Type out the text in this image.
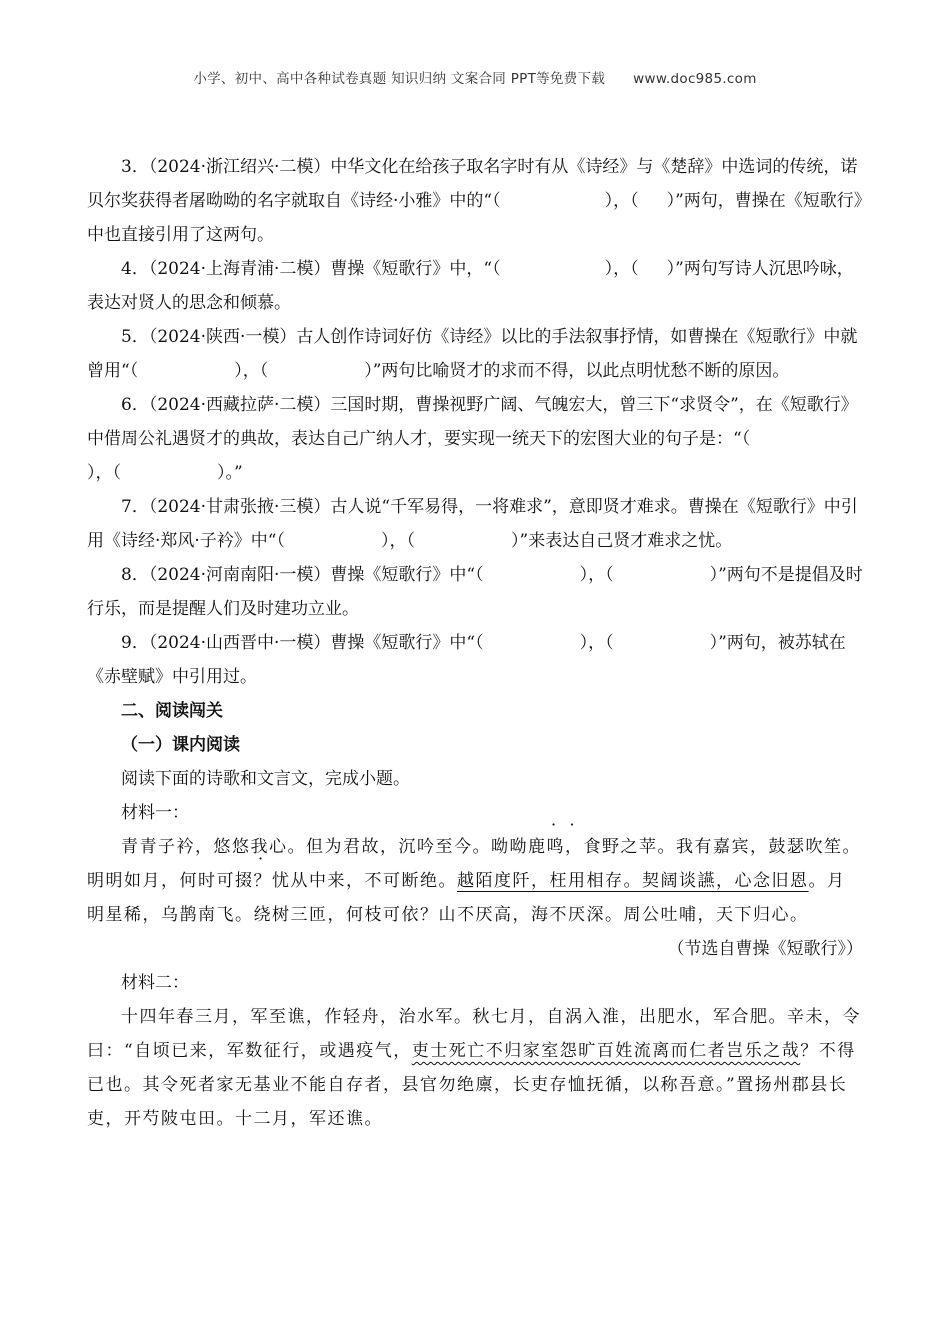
小学、初中、高中各种试卷真题 知识归纳 文案合同 PPT等免费下载 www.doc985.com

3．（2024·浙江绍兴·二模）中华文化在给孩子取名字时有从《诗经》与《楚辞》中选词的传统，诺贝尔奖获得者屠呦呦的名字就取自《诗经·小雅》中的“（	），（ ）”两句，曹操在《短歌行》中也直接引用了这两句。

4．（2024·上海青浦·二模）曹操《短歌行》中，“（	），（ ）”两句写诗人沉思吟咏，表达对贤人的思念和倾慕。

5．（2024·陕西·一模）古人创作诗词好仿《诗经》以比的手法叙事抒情，如曹操在《短歌行》中就曾用“（	），（	）”两句比喻贤才的求而不得，以此点明忧愁不断的原因。

6．（2024·西藏拉萨·二模）三国时期，曹操视野广阔、气魄宏大，曾三下“求贤令”，在《短歌行》中借周公礼遇贤才的典故，表达自己广纳人才，要实现一统天下的宏图大业的句子是：“（），（	）。”

7．（2024·甘肃张掖·三模）古人说“千军易得，一将难求”，意即贤才难求。曹操在《短歌行》中引用《诗经·郑风·子衿》中“（	），（	）”来表达自己贤才难求之忧。

8．（2024·河南南阳·一模）曹操《短歌行》中“（	），（	）”两句不是提倡及时行乐，而是提醒人们及时建功立业。

9．（2024·山西晋中·一模）曹操《短歌行》中“（	），（	）”两句，被苏轼在《赤壁赋》中引用过。

二、阅读闯关

（一）课内阅读

阅读下面的诗歌和文言文，完成小题。

材料一：

青青子衿，悠悠我心。但为君故，沉吟至今。呦呦鹿鸣，食野之苹。我有嘉宾，鼓瑟吹笙。明明如月，何时可掇？忧从中来，不可断绝。越陌度阡，枉用相存。契阔谈讌，心念旧恩。月明星稀，乌鹊南飞。绕树三匝，何枝可依？山不厌高，海不厌深。周公吐哺，天下归心。

（节选自曹操《短歌行》）

材料二：

十四年春三月，军至谯，作轻舟，治水军。秋七月，自涡入淮，出肥水，军合肥。辛未，令曰：“自顷已来，军数征行，或遇疫气，吏士死亡不归家室怨旷百姓流离而仁者岂乐之哉？不得已也。其令死者家无基业不能自存者，县官勿绝廪，长吏存恤抚循，以称吾意。”置扬州郡县长吏，开芍陂屯田。十二月，军还谯。
